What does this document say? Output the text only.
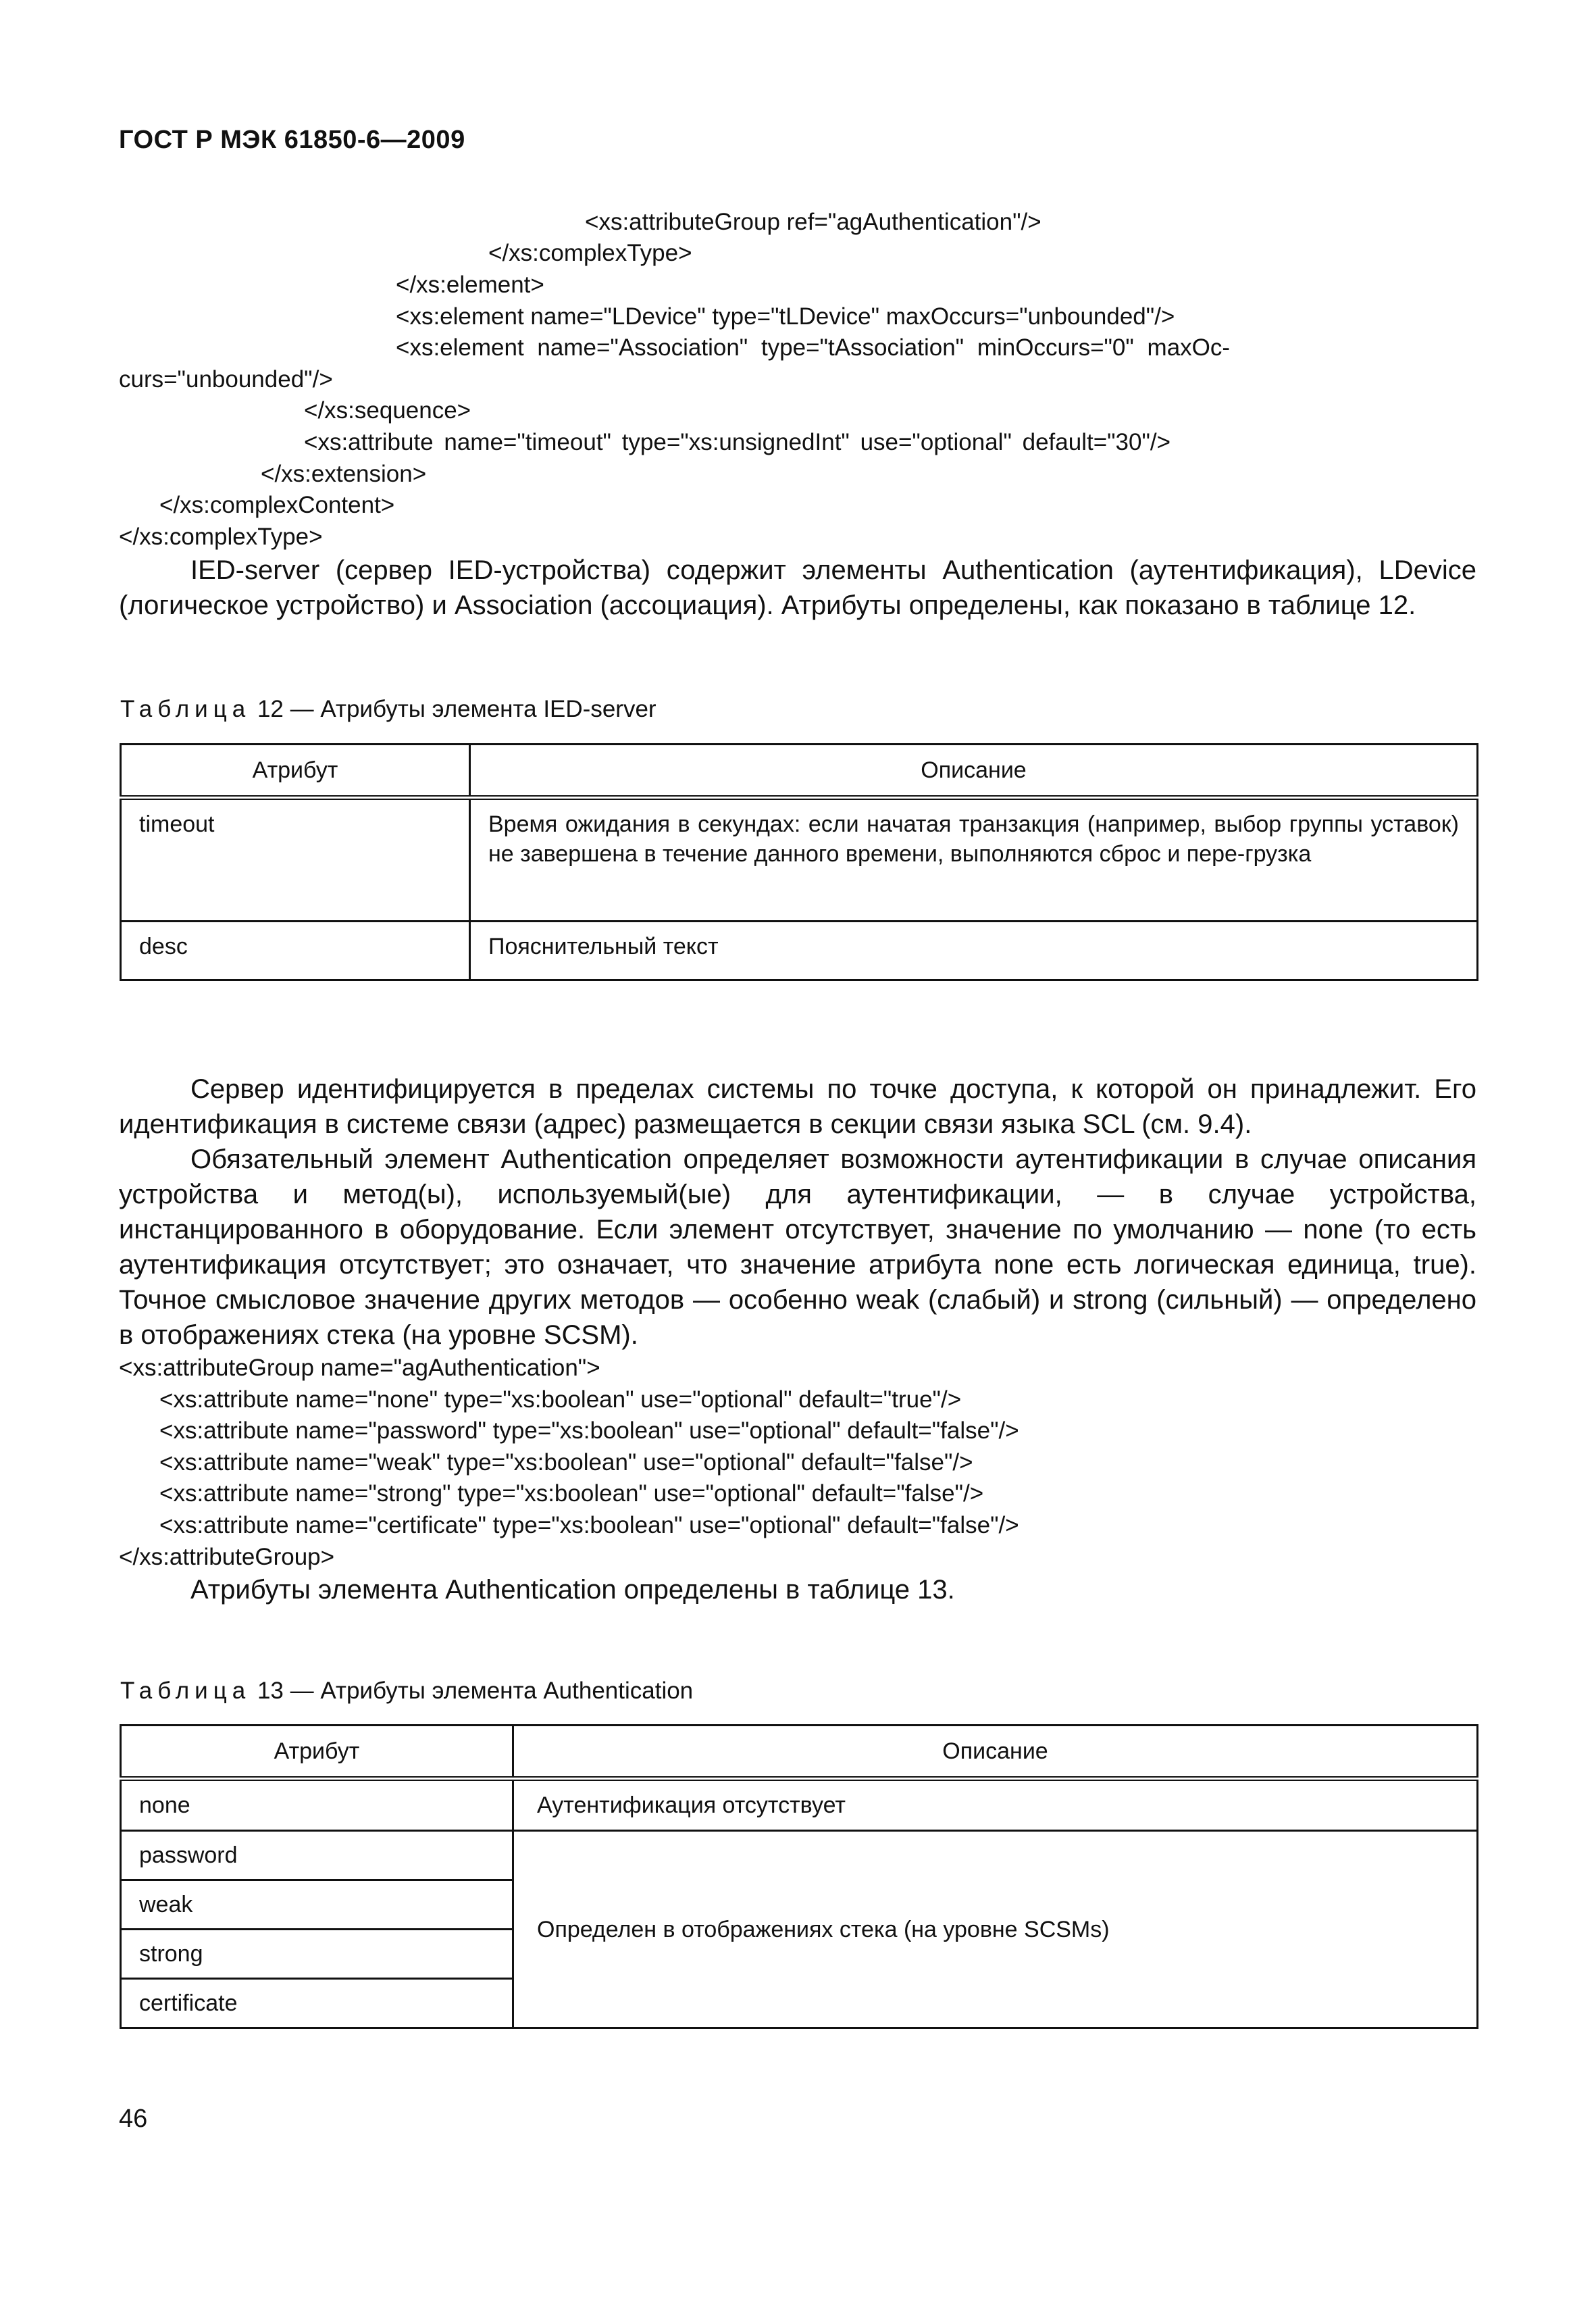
ГОСТ Р МЭК 61850-6—2009
<xs:attributeGroup ref="agAuthentication"/>
</xs:complexType>
</xs:element>
<xs:element name="LDevice" type="tLDevice" maxOccurs="unbounded"/>
<xs:element name="Association" type="tAssociation" minOccurs="0" maxOc-
curs="unbounded"/>
</xs:sequence>
<xs:attribute name="timeout" type="xs:unsignedInt" use="optional" default="30"/>
</xs:extension>
</xs:complexContent>
</xs:complexType>
IED-server (сервер IED-устройства) содержит элементы Authentication (аутентификация), LDevice (логическое устройство) и Association (ассоциация). Атрибуты определены, как показано в таблице 12.
Таблица 12 — Атрибуты элемента IED-server
Атрибут	Описание
timeout	Время ожидания в секундах: если начатая транзакция (например, выбор группы уставок) не завершена в течение данного времени, выполняются сброс и пере-грузка
desc	Пояснительный текст
Сервер идентифицируется в пределах системы по точке доступа, к которой он принадлежит. Его идентификация в системе связи (адрес) размещается в секции связи языка SCL (см. 9.4).
Обязательный элемент Authentication определяет возможности аутентификации в случае описания устройства и метод(ы), используемый(ые) для аутентификации, — в случае устройства, инстанцированного в оборудование. Если элемент отсутствует, значение по умолчанию — none (то есть аутентификация отсутствует; это означает, что значение атрибута none есть логическая единица, true). Точное смысловое значение других методов — особенно weak (слабый) и strong (сильный) — определено в отображениях стека (на уровне SCSM).
<xs:attributeGroup name="agAuthentication">
<xs:attribute name="none" type="xs:boolean" use="optional" default="true"/>
<xs:attribute name="password" type="xs:boolean" use="optional" default="false"/>
<xs:attribute name="weak" type="xs:boolean" use="optional" default="false"/>
<xs:attribute name="strong" type="xs:boolean" use="optional" default="false"/>
<xs:attribute name="certificate" type="xs:boolean" use="optional" default="false"/>
</xs:attributeGroup>
Атрибуты элемента Authentication определены в таблице 13.
Таблица 13 — Атрибуты элемента Authentication
Атрибут	Описание
none	Аутентификация отсутствует
password	Определен в отображениях стека (на уровне SCSMs)
weak	
strong	
certificate	
46
